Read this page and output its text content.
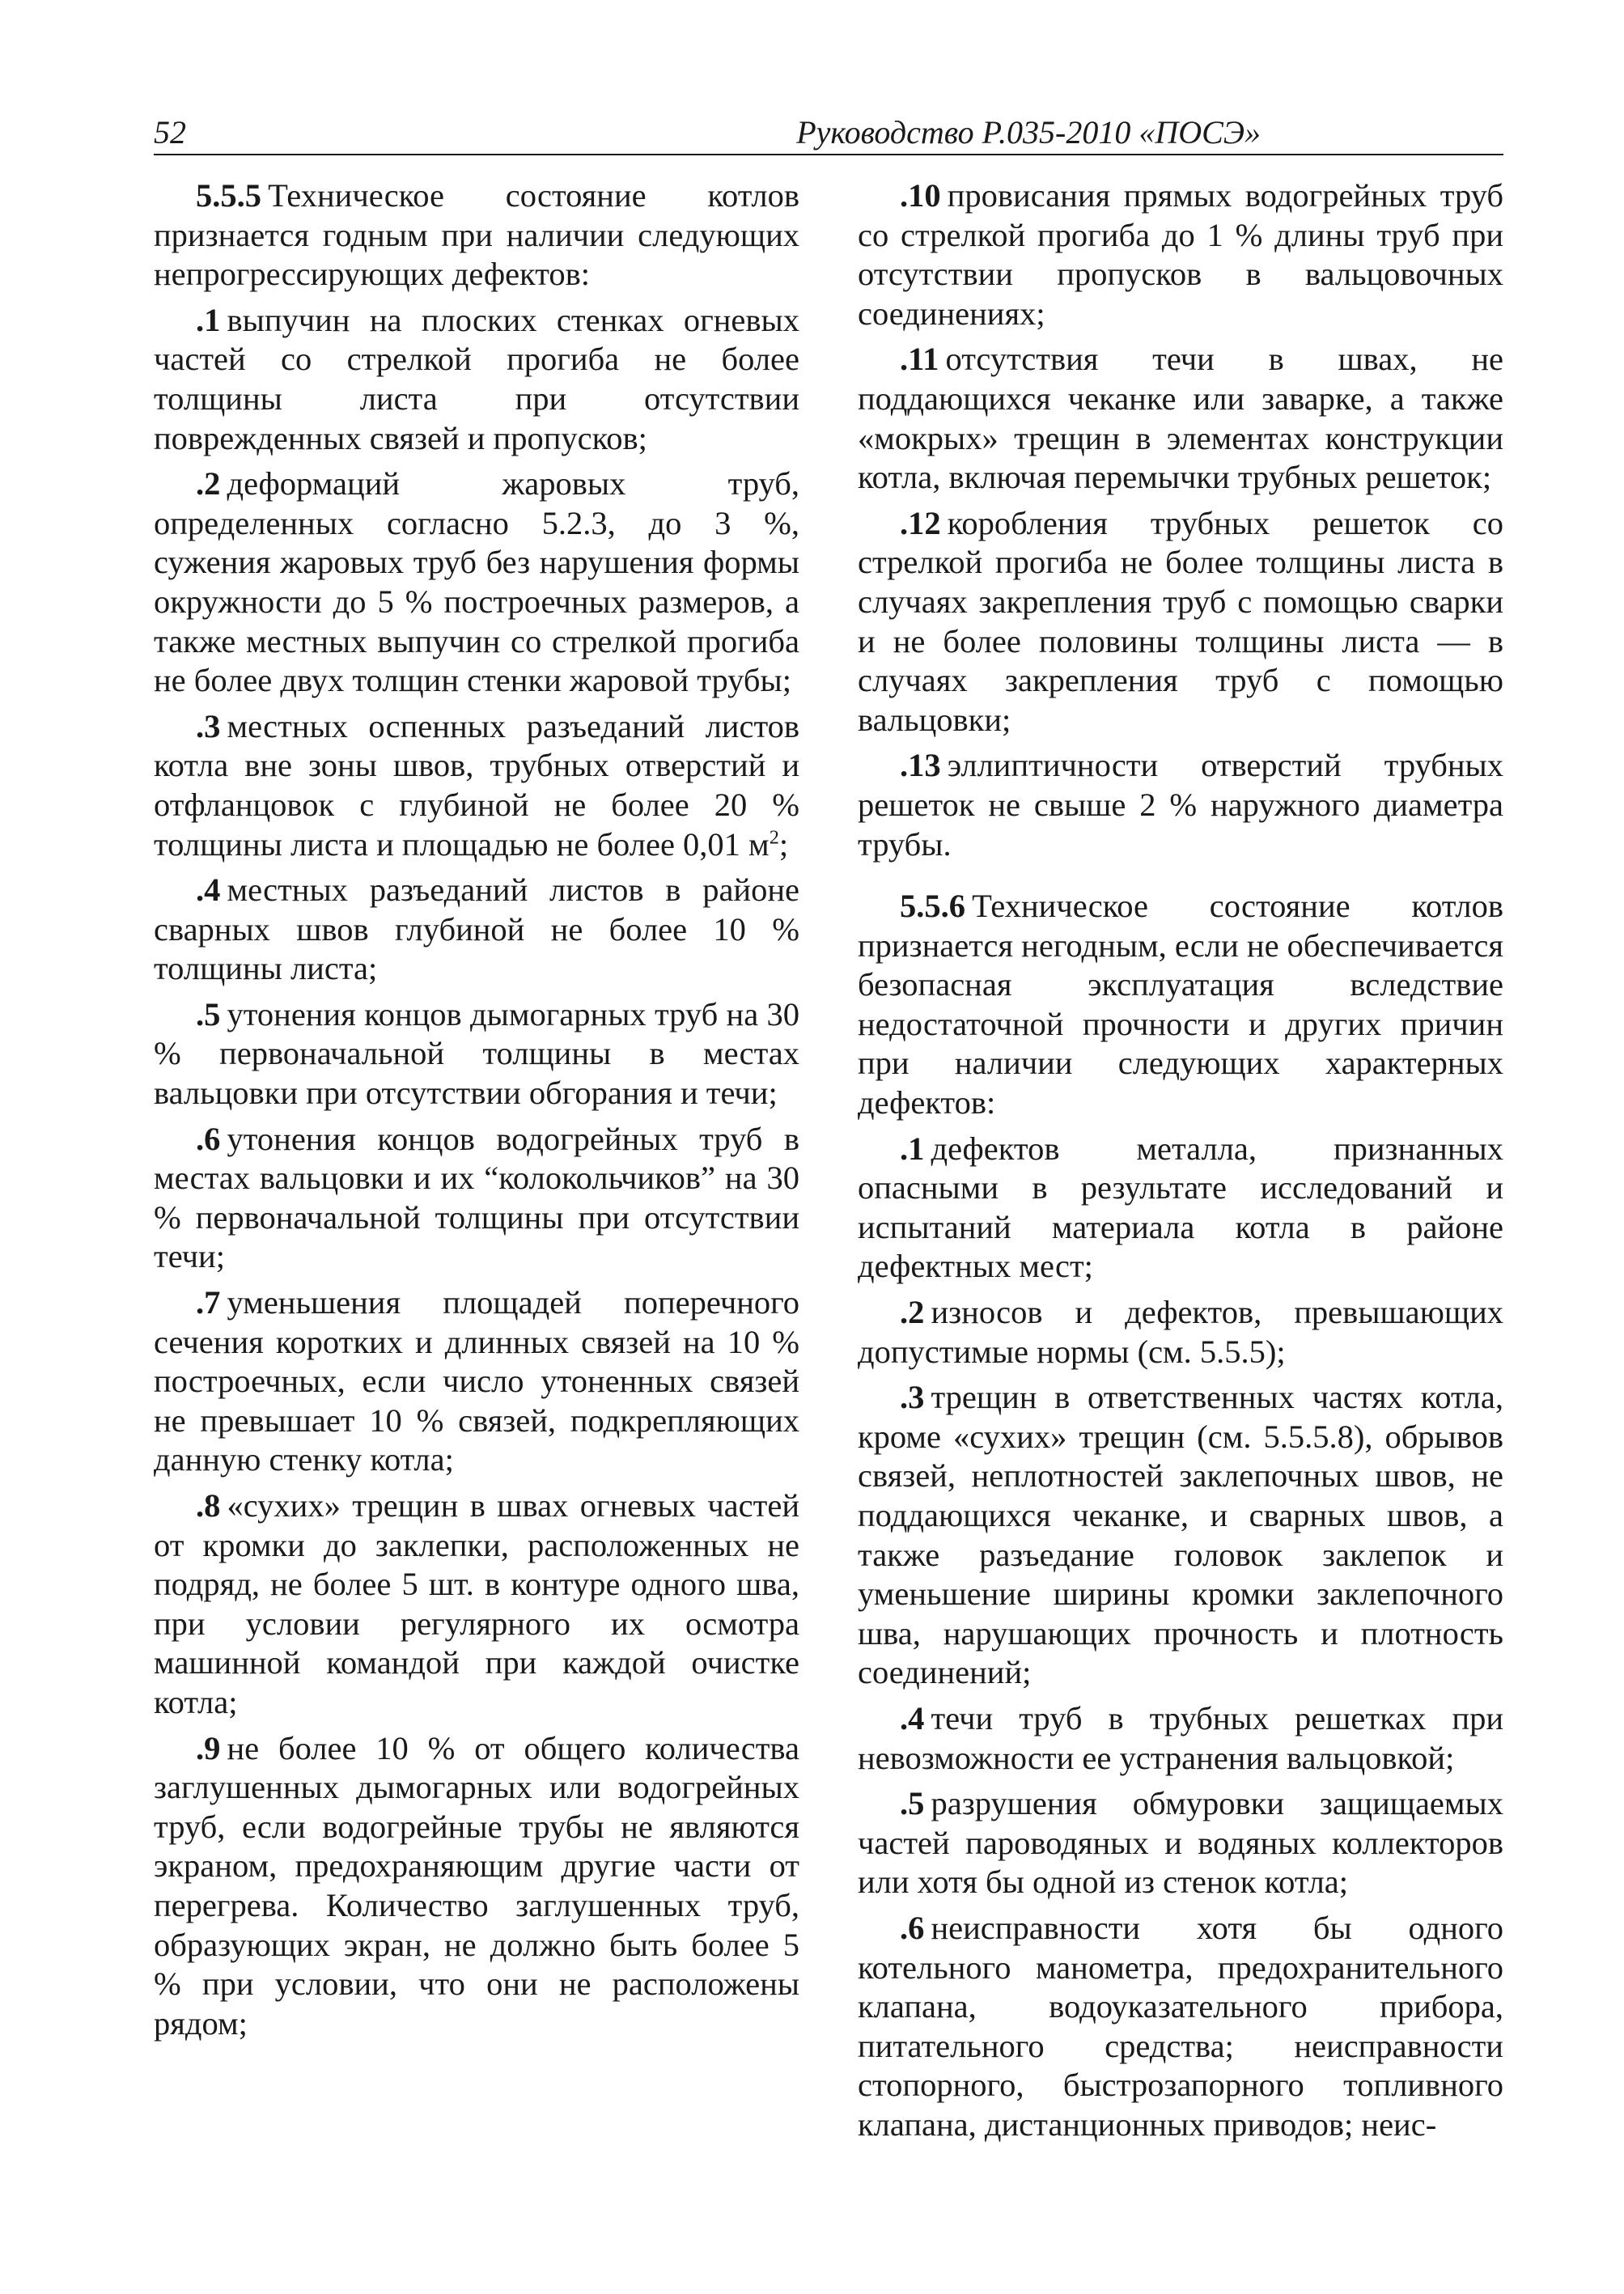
52	Руководство Р.035-2010 «ПОСЭ»

5.5.5  Техническое состояние котлов признается годным при наличии следующих непрогрессирующих дефектов:

.1  выпучин на плоских стенках огневых частей со стрелкой прогиба не более толщины листа при отсутствии поврежденных связей и пропусков;

.2  деформаций жаровых труб, определенных согласно 5.2.3, до 3 %, сужения жаровых труб без нарушения формы окружности до 5 % построечных размеров, а также местных выпучин со стрелкой прогиба не более двух толщин стенки жаровой трубы;

.3  местных оспенных разъеданий листов котла вне зоны швов, трубных отверстий и отфланцовок с глубиной не более 20 % толщины листа и площадью не более 0,01 $м^2$;

.4  местных разъеданий листов в районе сварных швов глубиной не более 10 % толщины листа;

.5  утонения концов дымогарных труб на 30 % первоначальной толщины в местах вальцовки при отсутствии обгорания и течи;

.6  утонения концов водогрейных труб в местах вальцовки и их “колокольчиков” на 30 % первоначальной толщины при отсутствии течи;

.7  уменьшения площадей поперечного сечения коротких и длинных связей на 10 % построечных, если число утоненных связей не превышает 10 % связей, подкрепляющих данную стенку котла;

.8  «сухих» трещин в швах огневых частей от кромки до заклепки, расположенных не подряд, не более 5 шт. в контуре одного шва, при условии регулярного их осмотра машинной командой при каждой очистке котла;

.9  не более 10 % от общего количества заглушенных дымогарных или водогрейных труб, если водогрейные трубы не являются экраном, предохраняющим другие части от перегрева. Количество заглушенных труб, образующих экран, не должно быть более 5 % при условии, что они не расположены рядом;

.10  провисания прямых водогрейных труб со стрелкой прогиба до 1 % длины труб при отсутствии пропусков в вальцовочных соединениях;

.11  отсутствия течи в швах, не поддающихся чеканке или заварке, а также «мокрых» трещин в элементах конструкции котла, включая перемычки трубных решеток;

.12  коробления трубных решеток со стрелкой прогиба не более толщины листа в случаях закрепления труб с помощью сварки и не более половины толщины листа — в случаях закрепления труб с помощью вальцовки;

.13  эллиптичности отверстий трубных решеток не свыше 2 % наружного диаметра трубы.

5.5.6  Техническое состояние котлов признается негодным, если не обеспечивается безопасная эксплуатация вследствие недостаточной прочности и других причин при наличии следующих характерных дефектов:

.1  дефектов металла, признанных опасными в результате исследований и испытаний материала котла в районе дефектных мест;

.2  износов и дефектов, превышающих допустимые нормы (см. 5.5.5);

.3  трещин в ответственных частях котла, кроме «сухих» трещин (см. 5.5.5.8), обрывов связей, неплотностей заклепочных швов, не поддающихся чеканке, и сварных швов, а также разъедание головок заклепок и уменьшение ширины кромки заклепочного шва, нарушающих прочность и плотность соединений;

.4  течи труб в трубных решетках при невозможности ее устранения вальцовкой;

.5  разрушения обмуровки защищаемых частей пароводяных и водяных коллекторов или хотя бы одной из стенок котла;

.6  неисправности хотя бы одного котельного манометра, предохранительного клапана, водоуказательного прибора, питательного средства; неисправности стопорного, быстрозапорного топливного клапана, дистанционных приводов; неис-
